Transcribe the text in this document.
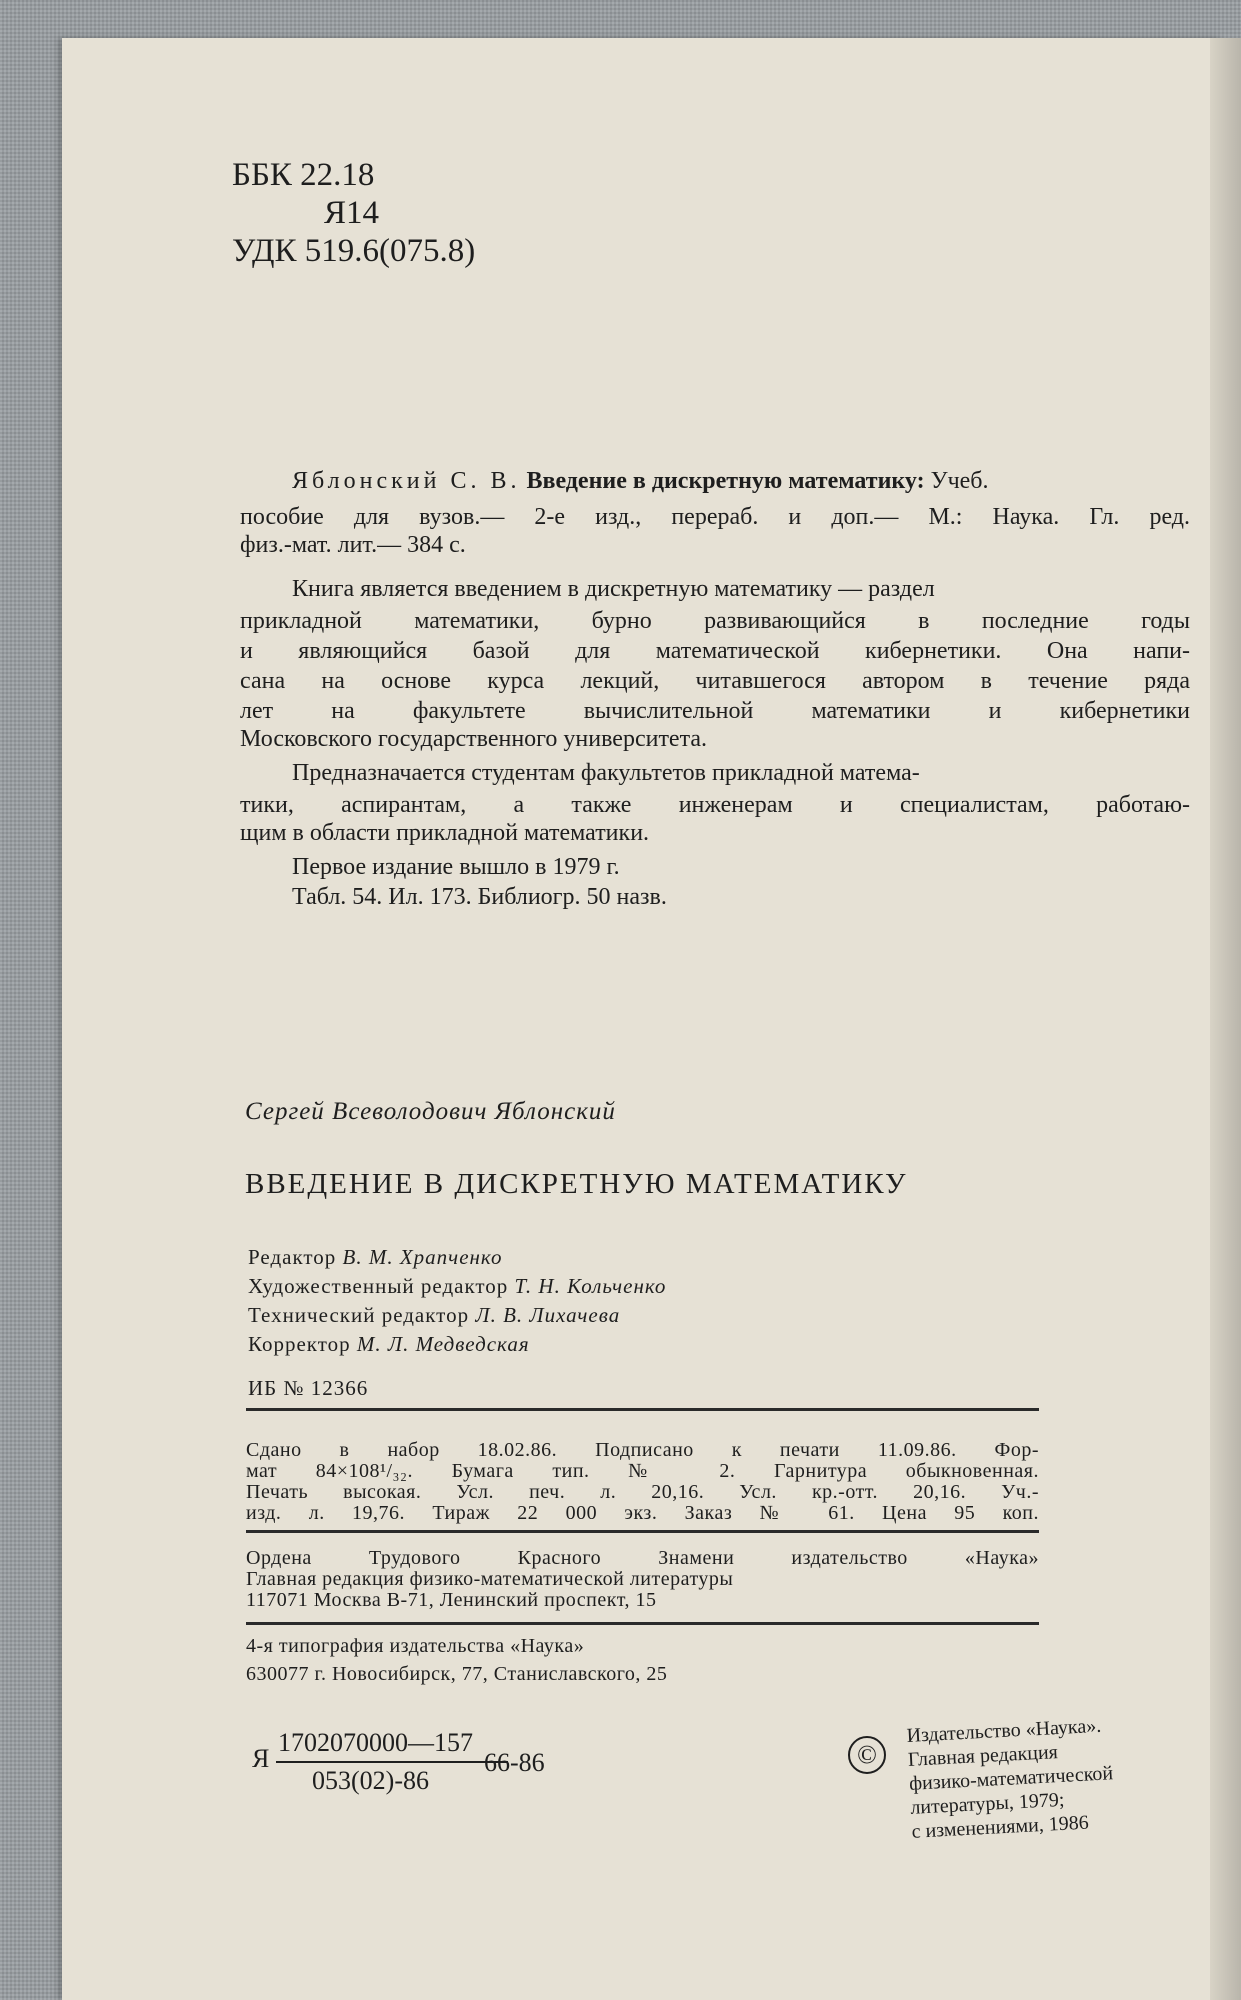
ББК 22.18
Я14
УДК 519.6(075.8)
Яблонский С. В. Введение в дискретную математику: Учеб.
пособие для вузов.— 2-е изд., перераб. и доп.— М.: Наука. Гл. ред.
физ.-мат. лит.— 384 с.
Книга является введением в дискретную математику — раздел
прикладной математики, бурно развивающийся в последние годы
и являющийся базой для математической кибернетики. Она напи-
сана на основе курса лекций, читавшегося автором в течение ряда
лет на факультете вычислительной математики и кибернетики
Московского государственного университета.
Предназначается студентам факультетов прикладной матема-
тики, аспирантам, а также инженерам и специалистам, работаю-
щим в области прикладной математики.
Первое издание вышло в 1979 г.
Табл. 54. Ил. 173. Библиогр. 50 назв.
Сергей Всеволодович Яблонский
ВВЕДЕНИЕ В ДИСКРЕТНУЮ МАТЕМАТИКУ
Редактор В. М. Храпченко
Художественный редактор Т. Н. Кольченко
Технический редактор Л. В. Лихачева
Корректор М. Л. Медведская
ИБ № 12366
Сдано в набор 18.02.86. Подписано к печати 11.09.86. Фор-
мат 84×108¹/₃₂. Бумага тип. № 2. Гарнитура обыкновенная.
Печать высокая. Усл. печ. л. 20,16. Усл. кр.-отт. 20,16. Уч.-
изд. л. 19,76. Тираж 22 000 экз. Заказ № 61. Цена 95 коп.
Ордена Трудового Красного Знамени издательство «Наука»
Главная редакция физико-математической литературы
117071 Москва В-71, Ленинский проспект, 15
4-я типография издательства «Наука»
630077 г. Новосибирск, 77, Станиславского, 25
Я
1702070000—157
053(02)-86
66-86	©
Издательство «Наука».
Главная редакция
физико-математической
литературы, 1979;
с изменениями, 1986
